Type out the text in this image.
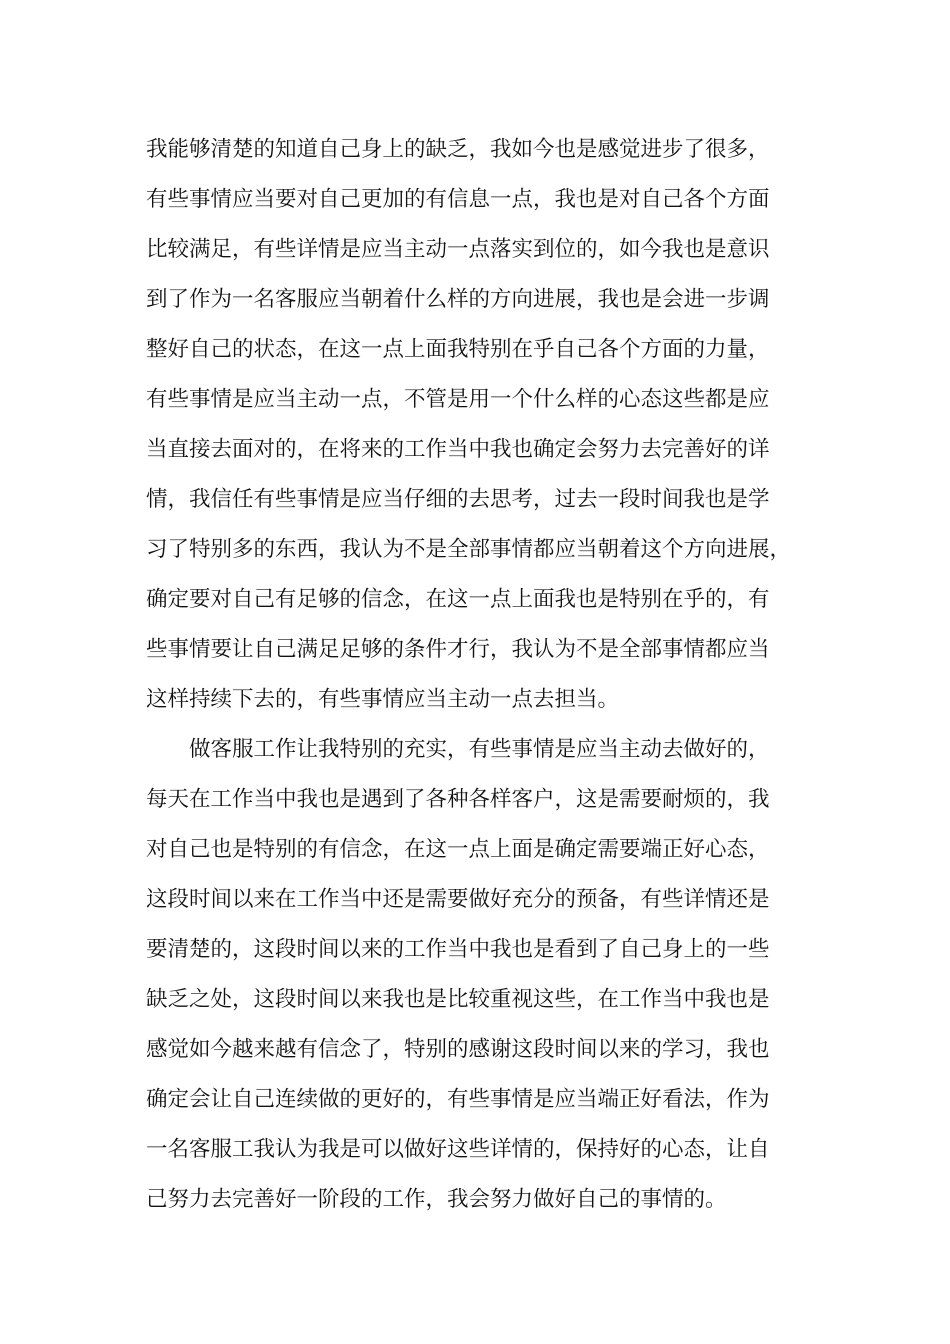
我能够清楚的知道自己身上的缺乏，我如今也是感觉进步了很多，
有些事情应当要对自己更加的有信息一点，我也是对自己各个方面
比较满足，有些详情是应当主动一点落实到位的，如今我也是意识
到了作为一名客服应当朝着什么样的方向进展，我也是会进一步调
整好自己的状态，在这一点上面我特别在乎自己各个方面的力量，
有些事情是应当主动一点，不管是用一个什么样的心态这些都是应
当直接去面对的，在将来的工作当中我也确定会努力去完善好的详
情，我信任有些事情是应当仔细的去思考，过去一段时间我也是学
习了特别多的东西，我认为不是全部事情都应当朝着这个方向进展，
确定要对自己有足够的信念，在这一点上面我也是特别在乎的，有
些事情要让自己满足足够的条件才行，我认为不是全部事情都应当
这样持续下去的，有些事情应当主动一点去担当。
　　做客服工作让我特别的充实，有些事情是应当主动去做好的，
每天在工作当中我也是遇到了各种各样客户，这是需要耐烦的，我
对自己也是特别的有信念，在这一点上面是确定需要端正好心态，
这段时间以来在工作当中还是需要做好充分的预备，有些详情还是
要清楚的，这段时间以来的工作当中我也是看到了自己身上的一些
缺乏之处，这段时间以来我也是比较重视这些，在工作当中我也是
感觉如今越来越有信念了，特别的感谢这段时间以来的学习，我也
确定会让自己连续做的更好的，有些事情是应当端正好看法，作为
一名客服工我认为我是可以做好这些详情的，保持好的心态，让自
己努力去完善好一阶段的工作，我会努力做好自己的事情的。
